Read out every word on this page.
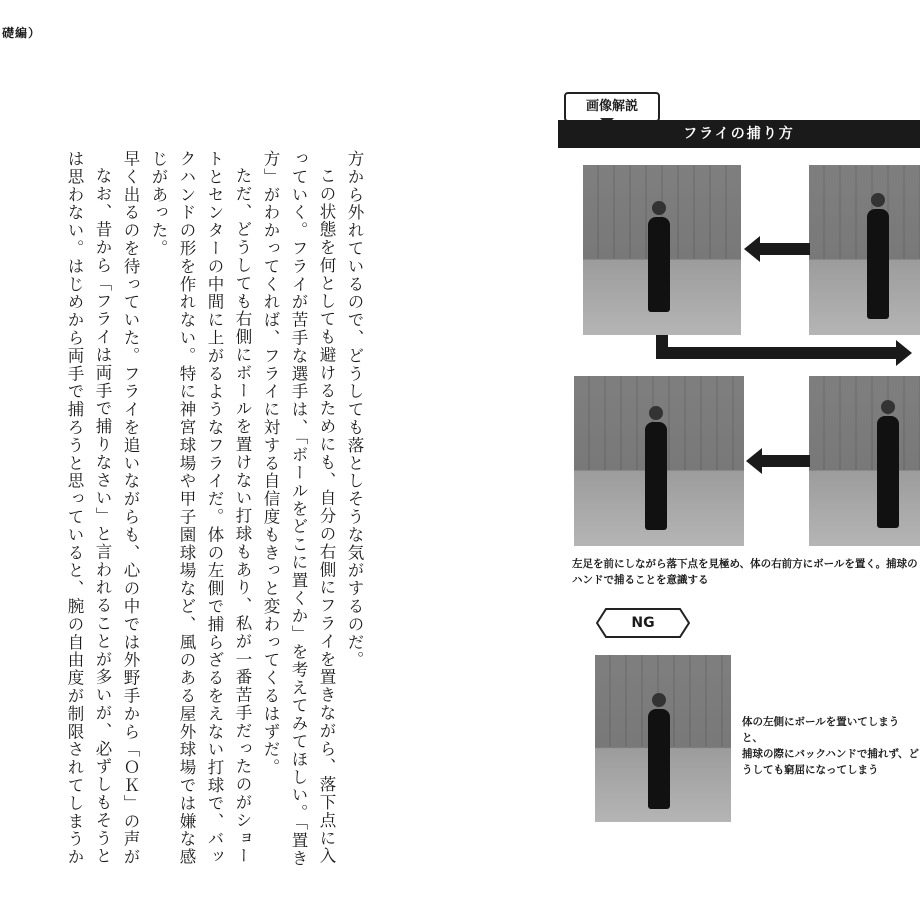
礎編）

方から外れているので、どうしても落としそうな気がするのだ。

この状態を何としても避けるためにも、自分の右側にフライを置きながら、落下点に入っていく。フライが苦手な選手は、「ボールをどこに置くか」を考えてみてほしい。「置き方」がわかってくれば、フライに対する自信度もきっと変わってくるはずだ。

ただ、どうしても右側にボールを置けない打球もあり、私が一番苦手だったのがショートとセンターの中間に上がるようなフライだ。体の左側で捕らざるをえない打球で、バックハンドの形を作れない。特に神宮球場や甲子園球場など、風のある屋外球場では嫌な感じがあった。

早く出るのを待っていた。フライを追いながらも、心の中では外野手から「ＯＫ」の声が

なお、昔から「フライは両手で捕りなさい」と言われることが多いが、必ずしもそうとは思わない。はじめから両手で捕ろうと思っていると、腕の自由度が制限されてしまうか

画像解説
フライの捕り方
左足を前にしながら落下点を見極め、体の右前方にボールを置く。捕球の
ハンドで捕ることを意識する
NG
体の左側にボールを置いてしまうと、
捕球の際にバックハンドで捕れず、ど
うしても窮屈になってしまう
